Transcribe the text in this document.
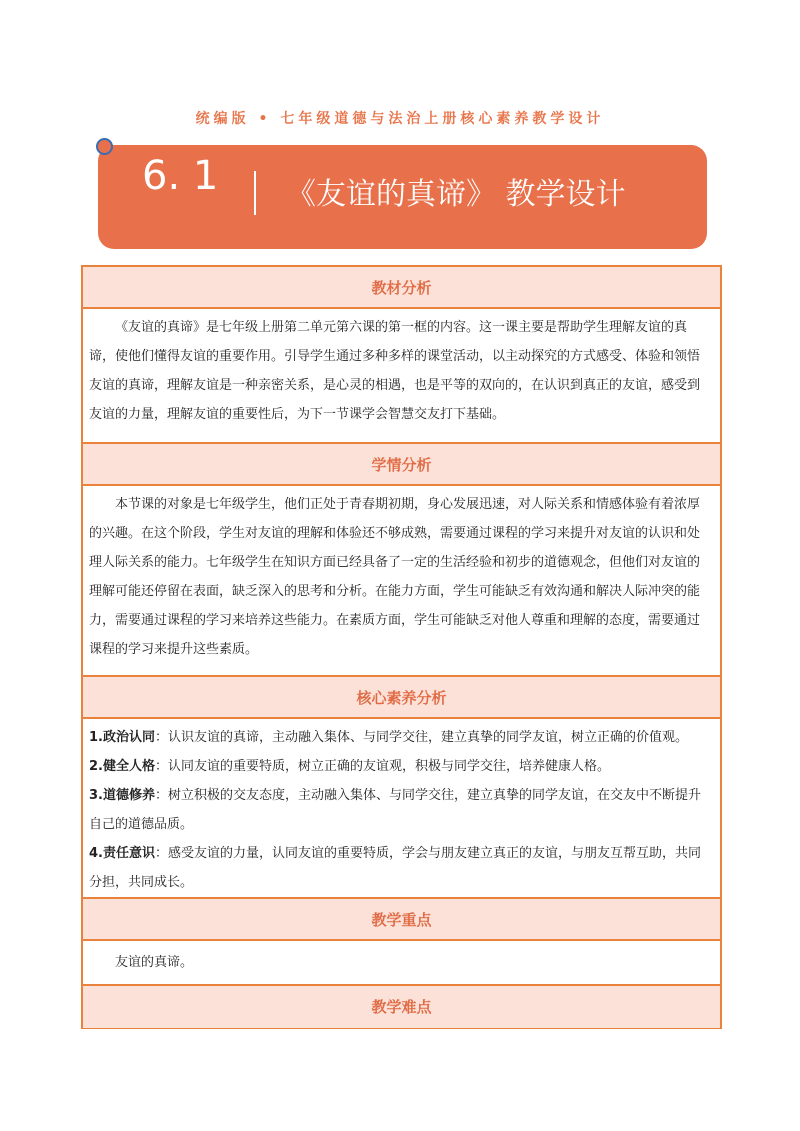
统编版 • 七年级道德与法治上册核心素养教学设计
6. 1 《友谊的真谛》 教学设计
教材分析
《友谊的真谛》是七年级上册第二单元第六课的第一框的内容。这一课主要是帮助学生理解友谊的真谛，使他们懂得友谊的重要作用。引导学生通过多种多样的课堂活动，以主动探究的方式感受、体验和领悟友谊的真谛，理解友谊是一种亲密关系，是心灵的相遇，也是平等的双向的，在认识到真正的友谊，感受到友谊的力量，理解友谊的重要性后，为下一节课学会智慧交友打下基础。
学情分析
本节课的对象是七年级学生，他们正处于青春期初期，身心发展迅速，对人际关系和情感体验有着浓厚的兴趣。在这个阶段，学生对友谊的理解和体验还不够成熟，需要通过课程的学习来提升对友谊的认识和处理人际关系的能力。七年级学生在知识方面已经具备了一定的生活经验和初步的道德观念，但他们对友谊的理解可能还停留在表面，缺乏深入的思考和分析。在能力方面，学生可能缺乏有效沟通和解决人际冲突的能力，需要通过课程的学习来培养这些能力。在素质方面，学生可能缺乏对他人尊重和理解的态度，需要通过课程的学习来提升这些素质。
核心素养分析
1.政治认同：认识友谊的真谛，主动融入集体、与同学交往，建立真挚的同学友谊，树立正确的价值观。
2.健全人格：认同友谊的重要特质，树立正确的友谊观，积极与同学交往，培养健康人格。
3.道德修养：树立积极的交友态度，主动融入集体、与同学交往，建立真挚的同学友谊，在交友中不断提升自己的道德品质。
4.责任意识：感受友谊的力量，认同友谊的重要特质，学会与朋友建立真正的友谊，与朋友互帮互助，共同分担，共同成长。
教学重点
友谊的真谛。
教学难点
